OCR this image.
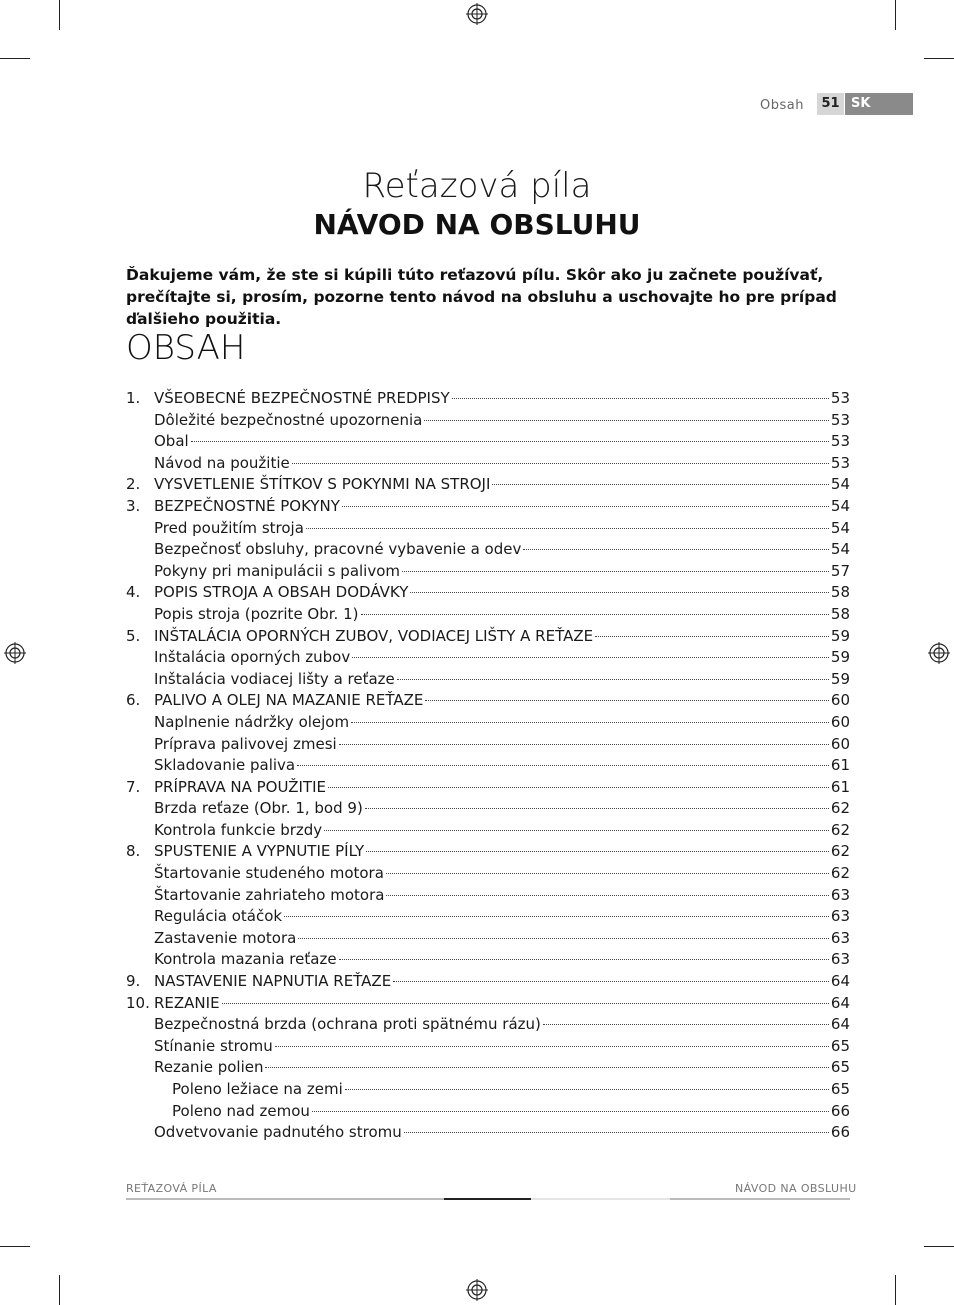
Obsah	51 SK
Reťazová píla
NÁVOD NA OBSLUHU
Ďakujeme vám, že ste si kúpili túto reťazovú pílu. Skôr ako ju začnete používať, prečítajte si, prosím, pozorne tento návod na obsluhu a uschovajte ho pre prípad ďalšieho použitia.
OBSAH
1. VŠEOBECNÉ BEZPEČNOSTNÉ PREDPISY	53
Dôležité bezpečnostné upozornenia	53
Obal	53
Návod na použitie	53
2. VYSVETLENIE ŠTÍTKOV S POKYNMI NA STROJI	54
3. BEZPEČNOSTNÉ POKYNY	54
Pred použitím stroja	54
Bezpečnosť obsluhy, pracovné vybavenie a odev	54
Pokyny pri manipulácii s palivom	57
4. POPIS STROJA A OBSAH DODÁVKY	58
Popis stroja (pozrite Obr. 1)	58
5. INŠTALÁCIA OPORNÝCH ZUBOV, VODIACEJ LIŠTY A REŤAZE	59
Inštalácia oporných zubov	59
Inštalácia vodiacej lišty a reťaze	59
6. PALIVO A OLEJ NA MAZANIE REŤAZE	60
Naplnenie nádržky olejom	60
Príprava palivovej zmesi	60
Skladovanie paliva	61
7. PRÍPRAVA NA POUŽITIE	61
Brzda reťaze (Obr. 1, bod 9)	62
Kontrola funkcie brzdy	62
8. SPUSTENIE A VYPNUTIE PÍLY	62
Štartovanie studeného motora	62
Štartovanie zahriateho motora	63
Regulácia otáčok	63
Zastavenie motora	63
Kontrola mazania reťaze	63
9. NASTAVENIE NAPNUTIA REŤAZE	64
10. REZANIE	64
Bezpečnostná brzda (ochrana proti spätnému rázu)	64
Stínanie stromu	65
Rezanie polien	65
Poleno ležiace na zemi	65
Poleno nad zemou	66
Odvetvovanie padnutého stromu	66
REŤAZOVÁ PÍLA	NÁVOD NA OBSLUHU
